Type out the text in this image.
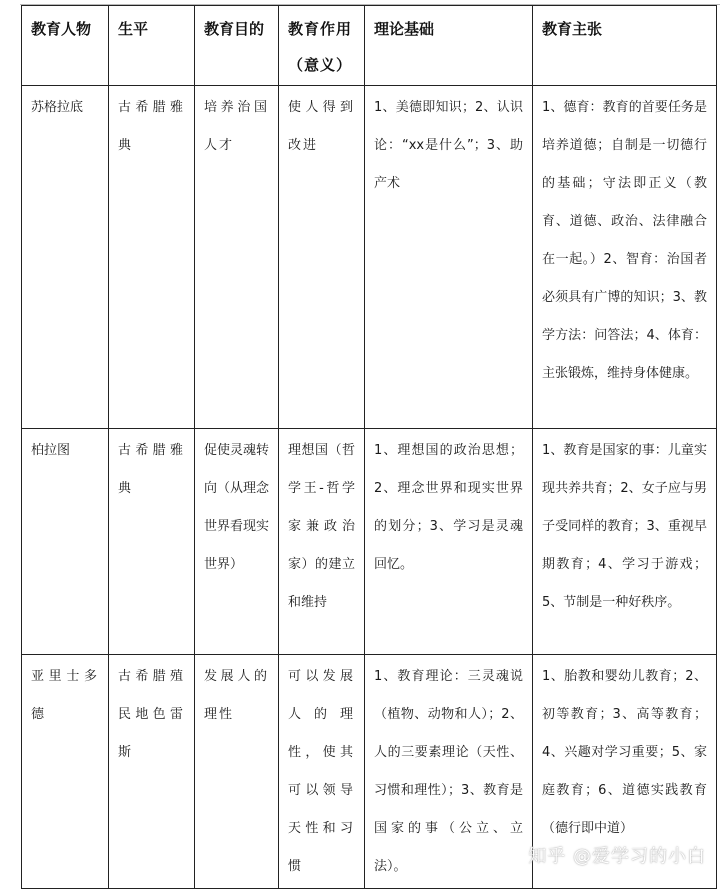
教育人物	生平	教育目的	教育作用（意义）	理论基础	教育主张
苏格拉底	古希腊雅典	培养治国人才	使人得到改进	1、美德即知识；2、认识论：“xx是什么”；3、助产术	1、德育：教育的首要任务是培养道德；自制是一切德行的基础；守法即正义（教育、道德、政治、法律融合在一起。）2、智育：治国者必须具有广博的知识；3、教学方法：问答法；4、体育：主张锻炼，维持身体健康。
柏拉图	古希腊雅典	促使灵魂转向（从理念世界看现实世界）	理想国（哲学王-哲学家兼政治家）的建立和维持	1、理想国的政治思想；2、理念世界和现实世界的划分；3、学习是灵魂回忆。	1、教育是国家的事：儿童实现共养共育；2、女子应与男子受同样的教育；3、重视早期教育；4、学习于游戏；5、节制是一种好秩序。
亚里士多德	古希腊殖民地色雷斯	发展人的理性	可以发展人的理性，使其可以领导天性和习惯	1、教育理论：三灵魂说（植物、动物和人）；2、人的三要素理论（天性、习惯和理性）；3、教育是国家的事（公立、立法）。	1、胎教和婴幼儿教育；2、初等教育；3、高等教育；4、兴趣对学习重要；5、家庭教育；6、道德实践教育（德行即中道）
知乎 @爱学习的小白
